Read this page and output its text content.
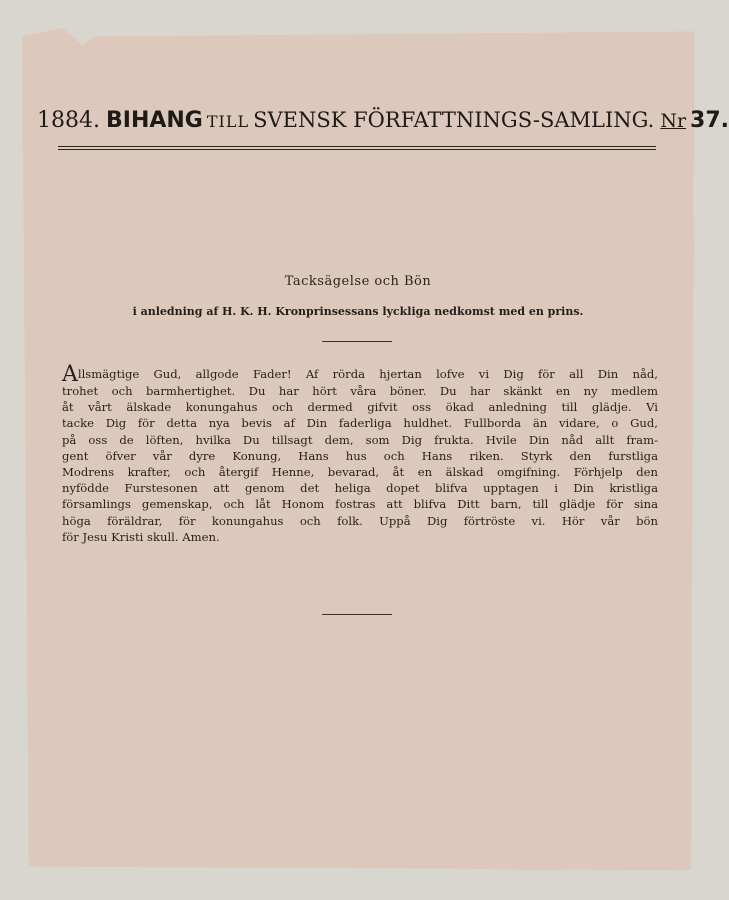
1884. BIHANG TILL SVENSK FÖRFATTNINGS-SAMLING. Nr 37.
Tacksägelse och Bön
i anledning af H. K. H. Kronprinsessans lyckliga nedkomst med en prins.
Allsmägtige Gud, allgode Fader! Af rörda hjertan lofve vi Dig för all Din nåd,
trohet och barmhertighet. Du har hört våra böner. Du har skänkt en ny medlem
åt vårt älskade konungahus och dermed gifvit oss ökad anledning till glädje. Vi
tacke Dig för detta nya bevis af Din faderliga huldhet. Fullborda än vidare, o Gud,
på oss de löften, hvilka Du tillsagt dem, som Dig frukta. Hvile Din nåd allt fram-
gent öfver vår dyre Konung, Hans hus och Hans riken. Styrk den furstliga
Modrens krafter, och återgif Henne, bevarad, åt en älskad omgifning. Förhjelp den
nyfödde Furstesonen att genom det heliga dopet blifva upptagen i Din kristliga
församlings gemenskap, och låt Honom fostras att blifva Ditt barn, till glädje för sina
höga föräldrar, för konungahus och folk. Uppå Dig förtröste vi. Hör vår bön
för Jesu Kristi skull. Amen.
